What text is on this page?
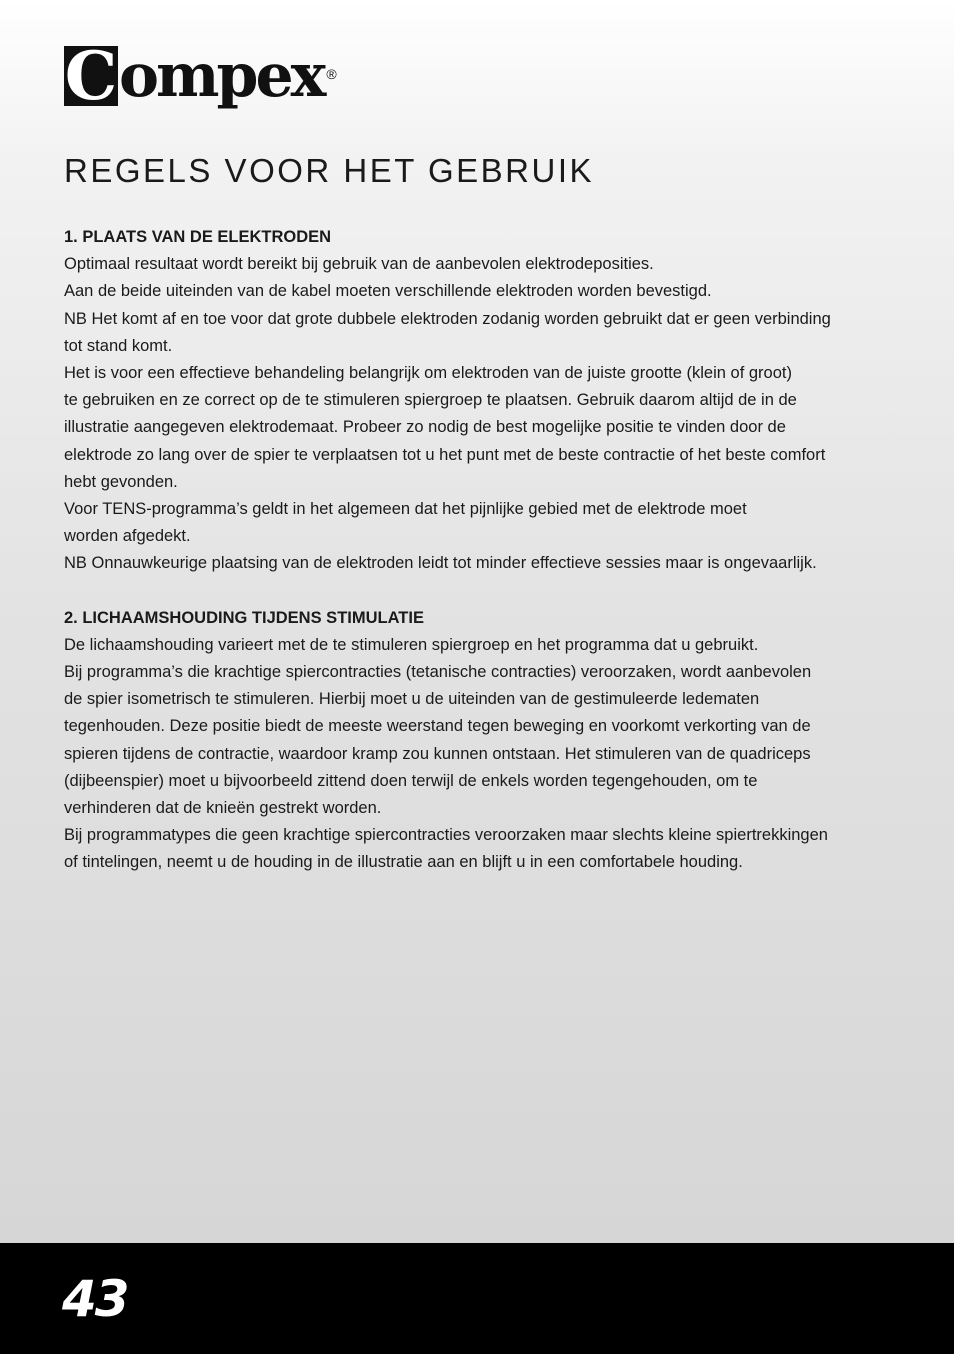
C ompex ®
REGELS VOOR HET GEBRUIK

1. PLAATS VAN DE ELEKTRODEN

Optimaal resultaat wordt bereikt bij gebruik van de aanbevolen elektrodeposities.

Aan de beide uiteinden van de kabel moeten verschillende elektroden worden bevestigd.

NB Het komt af en toe voor dat grote dubbele elektroden zodanig worden gebruikt dat er geen verbinding

tot stand komt.

Het is voor een effectieve behandeling belangrijk om elektroden van de juiste grootte (klein of groot)

te gebruiken en ze correct op de te stimuleren spiergroep te plaatsen. Gebruik daarom altijd de in de

illustratie aangegeven elektrodemaat. Probeer zo nodig de best mogelijke positie te vinden door de

elektrode zo lang over de spier te verplaatsen tot u het punt met de beste contractie of het beste comfort

hebt gevonden.

Voor TENS-programma’s geldt in het algemeen dat het pijnlijke gebied met de elektrode moet

worden afgedekt.

NB Onnauwkeurige plaatsing van de elektroden leidt tot minder effectieve sessies maar is ongevaarlijk.

2. LICHAAMSHOUDING TIJDENS STIMULATIE

De lichaamshouding varieert met de te stimuleren spiergroep en het programma dat u gebruikt.

Bij programma’s die krachtige spiercontracties (tetanische contracties) veroorzaken, wordt aanbevolen

de spier isometrisch te stimuleren. Hierbij moet u de uiteinden van de gestimuleerde ledematen

tegenhouden. Deze positie biedt de meeste weerstand tegen beweging en voorkomt verkorting van de

spieren tijdens de contractie, waardoor kramp zou kunnen ontstaan. Het stimuleren van de quadriceps

(dijbeenspier) moet u bijvoorbeeld zittend doen terwijl de enkels worden tegengehouden, om te

verhinderen dat de knieën gestrekt worden.

Bij programmatypes die geen krachtige spiercontracties veroorzaken maar slechts kleine spiertrekkingen

of tintelingen, neemt u de houding in de illustratie aan en blijft u in een comfortabele houding.

43
